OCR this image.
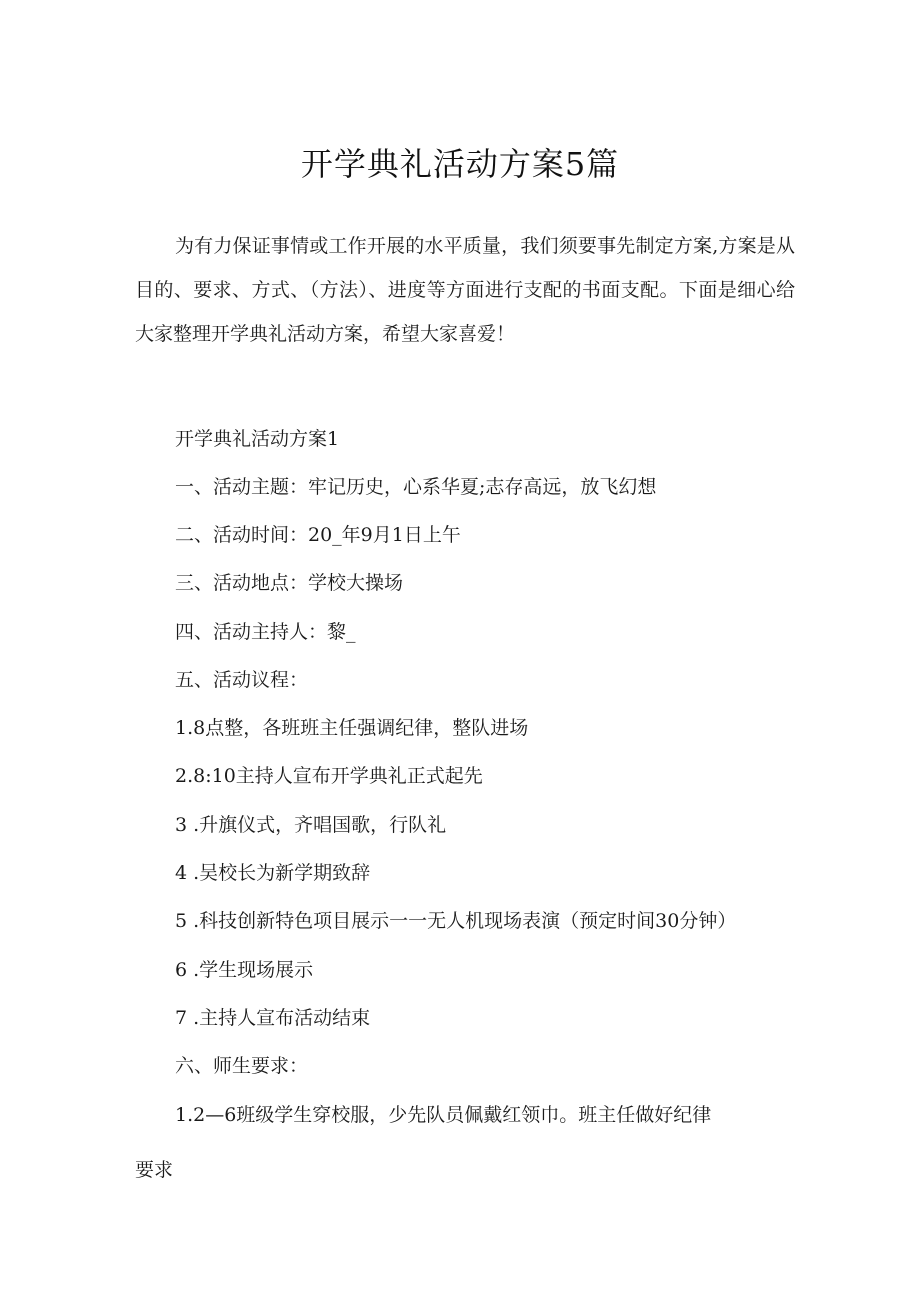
开学典礼活动方案5篇
为有力保证事情或工作开展的水平质量，我们须要事先制定方案,方案是从目的、要求、方式、（方法）、进度等方面进行支配的书面支配。下面是细心给大家整理开学典礼活动方案，希望大家喜爱！
开学典礼活动方案1
一、活动主题：牢记历史，心系华夏;志存高远，放飞幻想
二、活动时间：20_年9月1日上午
三、活动地点：学校大操场
四、活动主持人：黎_
五、活动议程：
1.8点整，各班班主任强调纪律，整队进场
2.8:10主持人宣布开学典礼正式起先
3 .升旗仪式，齐唱国歌，行队礼
4 .吴校长为新学期致辞
5 .科技创新特色项目展示一一无人机现场表演（预定时间30分钟）
6 .学生现场展示
7 .主持人宣布活动结束
六、师生要求：
1.2—6班级学生穿校服，少先队员佩戴红领巾。班主任做好纪律
要求
